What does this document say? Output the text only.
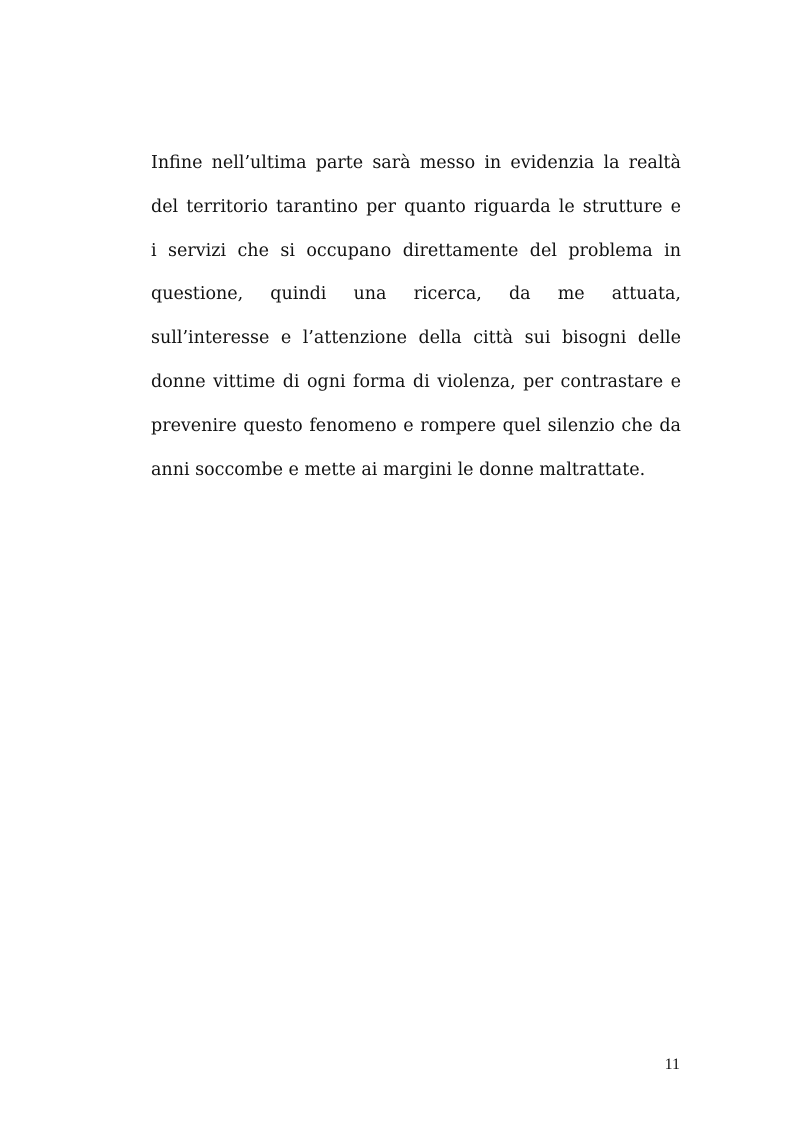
Infine nell’ultima parte sarà messo in evidenzia la realtà
del territorio tarantino per quanto riguarda le strutture e
i servizi che si occupano direttamente del problema in
questione, quindi una ricerca, da me attuata,
sull’interesse e l’attenzione della città sui bisogni delle
donne vittime di ogni forma di violenza, per contrastare e
prevenire questo fenomeno e rompere quel silenzio che da
anni soccombe e mette ai margini le donne maltrattate.
11
